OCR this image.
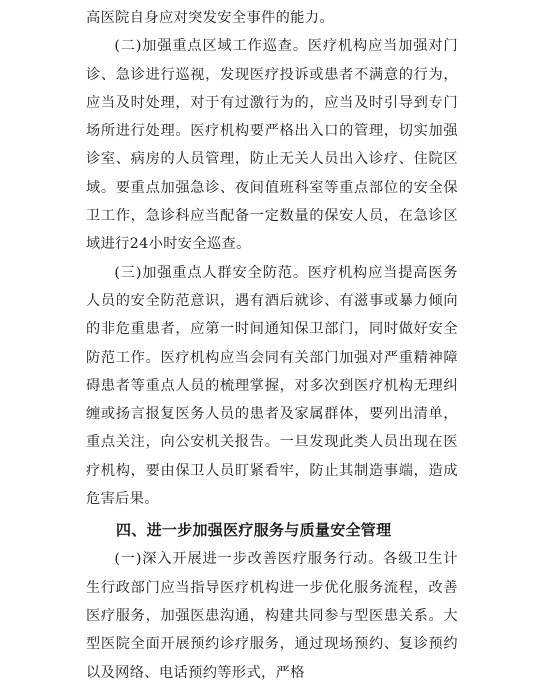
高医院自身应对突发安全事件的能力。

(二)加强重点区域工作巡查。医疗机构应当加强对门诊、急诊进行巡视，发现医疗投诉或患者不满意的行为，应当及时处理，对于有过激行为的，应当及时引导到专门场所进行处理。医疗机构要严格出入口的管理，切实加强诊室、病房的人员管理，防止无关人员出入诊疗、住院区域。要重点加强急诊、夜间值班科室等重点部位的安全保卫工作，急诊科应当配备一定数量的保安人员，在急诊区域进行24小时安全巡查。

(三)加强重点人群安全防范。医疗机构应当提高医务人员的安全防范意识，遇有酒后就诊、有滋事或暴力倾向的非危重患者，应第一时间通知保卫部门，同时做好安全防范工作。医疗机构应当会同有关部门加强对严重精神障碍患者等重点人员的梳理掌握，对多次到医疗机构无理纠缠或扬言报复医务人员的患者及家属群体，要列出清单，重点关注，向公安机关报告。一旦发现此类人员出现在医疗机构，要由保卫人员盯紧看牢，防止其制造事端，造成危害后果。

四、进一步加强医疗服务与质量安全管理

(一)深入开展进一步改善医疗服务行动。各级卫生计生行政部门应当指导医疗机构进一步优化服务流程，改善医疗服务，加强医患沟通，构建共同参与型医患关系。大型医院全面开展预约诊疗服务，通过现场预约、复诊预约以及网络、电话预约等形式，严格
